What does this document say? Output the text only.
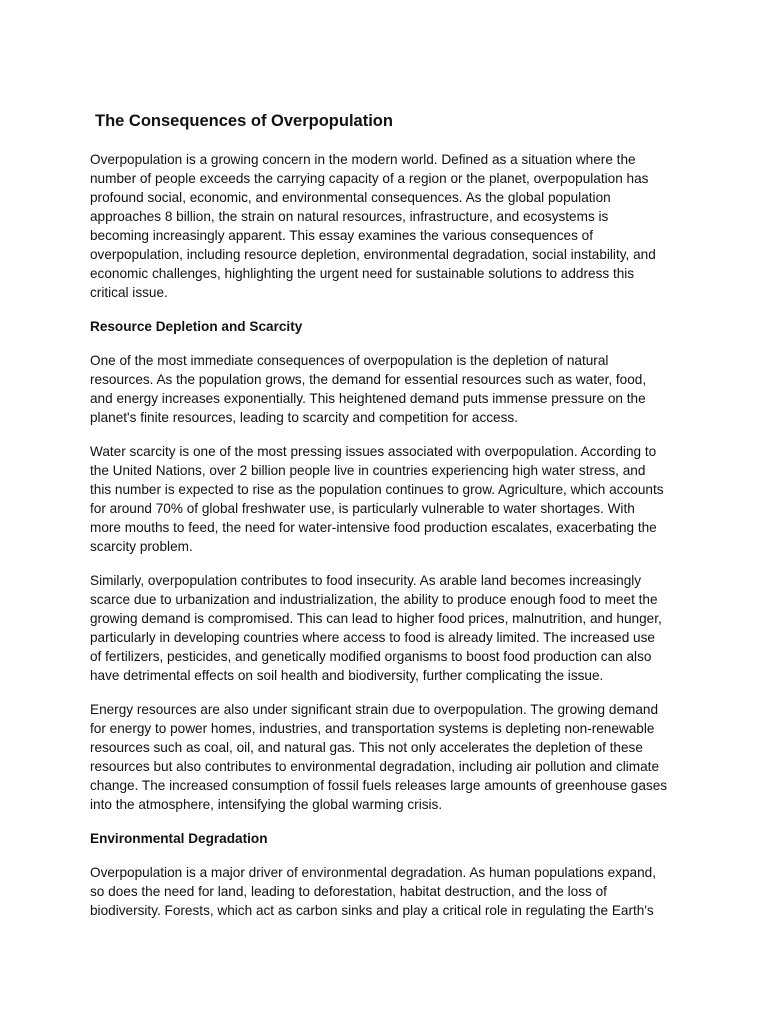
The Consequences of Overpopulation

Overpopulation is a growing concern in the modern world. Defined as a situation where the
number of people exceeds the carrying capacity of a region or the planet, overpopulation has
profound social, economic, and environmental consequences. As the global population
approaches 8 billion, the strain on natural resources, infrastructure, and ecosystems is
becoming increasingly apparent. This essay examines the various consequences of
overpopulation, including resource depletion, environmental degradation, social instability, and
economic challenges, highlighting the urgent need for sustainable solutions to address this
critical issue.

Resource Depletion and Scarcity

One of the most immediate consequences of overpopulation is the depletion of natural
resources. As the population grows, the demand for essential resources such as water, food,
and energy increases exponentially. This heightened demand puts immense pressure on the
planet's finite resources, leading to scarcity and competition for access.

Water scarcity is one of the most pressing issues associated with overpopulation. According to
the United Nations, over 2 billion people live in countries experiencing high water stress, and
this number is expected to rise as the population continues to grow. Agriculture, which accounts
for around 70% of global freshwater use, is particularly vulnerable to water shortages. With
more mouths to feed, the need for water-intensive food production escalates, exacerbating the
scarcity problem.

Similarly, overpopulation contributes to food insecurity. As arable land becomes increasingly
scarce due to urbanization and industrialization, the ability to produce enough food to meet the
growing demand is compromised. This can lead to higher food prices, malnutrition, and hunger,
particularly in developing countries where access to food is already limited. The increased use
of fertilizers, pesticides, and genetically modified organisms to boost food production can also
have detrimental effects on soil health and biodiversity, further complicating the issue.

Energy resources are also under significant strain due to overpopulation. The growing demand
for energy to power homes, industries, and transportation systems is depleting non-renewable
resources such as coal, oil, and natural gas. This not only accelerates the depletion of these
resources but also contributes to environmental degradation, including air pollution and climate
change. The increased consumption of fossil fuels releases large amounts of greenhouse gases
into the atmosphere, intensifying the global warming crisis.

Environmental Degradation

Overpopulation is a major driver of environmental degradation. As human populations expand,
so does the need for land, leading to deforestation, habitat destruction, and the loss of
biodiversity. Forests, which act as carbon sinks and play a critical role in regulating the Earth's
